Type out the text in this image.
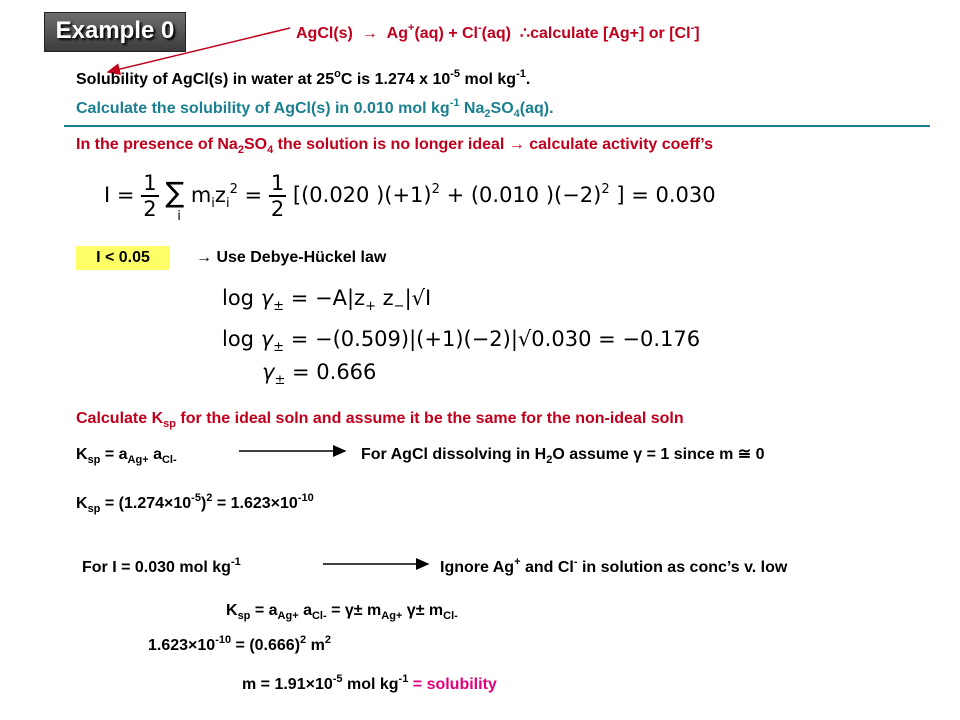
Example 0	AgCl(s) → Ag+(aq) + Cl-(aq) ∴calculate [Ag+] or [Cl-]
Solubility of AgCl(s) in water at 25$^o$C is 1.274 x $10^{-5}$ mol $kg^{-1}$.
Calculate the solubility of AgCl(s) in 0.010 mol $kg^{-1}$ $Na_2SO_4(aq)$.
In the presence of $Na_2SO_4$ the solution is no longer ideal → calculate activity coeff’s
$I = \frac{1}{2}$ ∑
i
$m_iz_i^2 = \frac{1}{2} [(0.020$ )$(+1)^2 + (0.010$ )$(-2)^2$ ] = 0.030
I < 0.05	→ Use Debye-Hückel law
$\log \gamma_\pm = -A|z_+$ $z_-|√I$
$\log \gamma_\pm = -(0.509)|(+1)(-2)|√0.030 = -0.176$
$\gamma_\pm = 0.666$
Calculate $K_{sp}$ for the ideal soln and assume it be the same for the non-ideal soln
$K_{sp} = a_{Ag+}$ $a_{Cl-}$	For AgCl dissolving in $H_2O$ assume γ = 1 since m ≅ 0
$K_{sp} = (1.274\times 10^{-5})^2 = 1.623\times 10^{-10}$
For I = 0.030 mol $kg^{-1}$	Ignore Ag+ and Cl- in solution as conc’s v. low
$K_{sp} = a_{Ag+}$ $a_{Cl-} = \gamma\pm m_{Ag+}$ $\gamma\pm m_{Cl-}$
$1.623\times 10^{-10} = (0.666)^2$ $m^2$
$m = 1.91\times 10^{-5}$ mol $kg^{-1}$ = solubility
